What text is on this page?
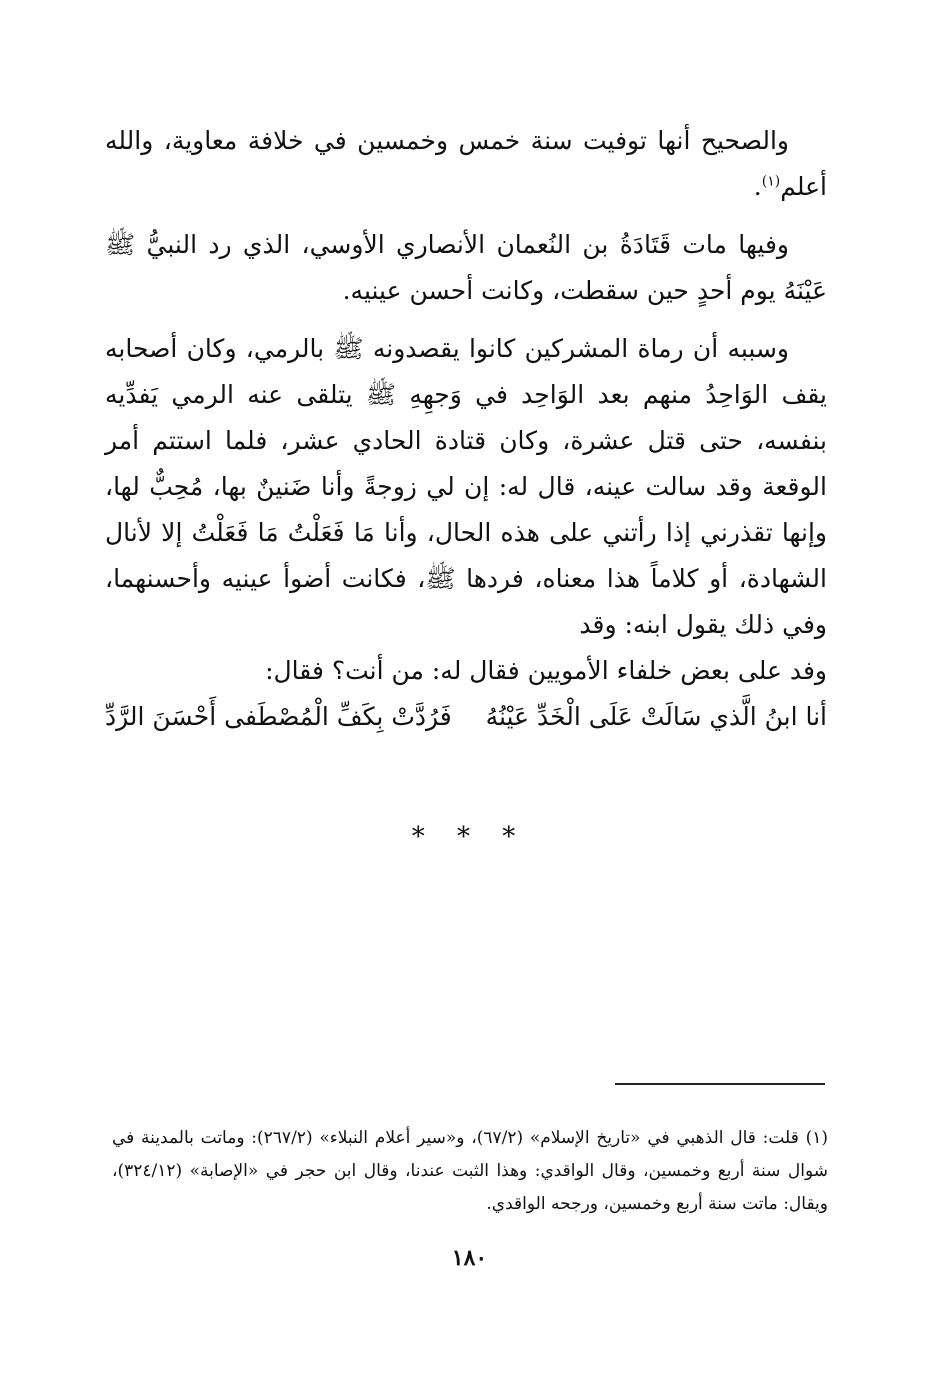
والصحيح أنها توفيت سنة خمس وخمسين في خلافة معاوية، والله أعلم$^{(١)}$.

وفيها مات قَتَادَةُ بن النُعمان الأنصاري الأوسي، الذي رد النبيُّ ﷺ عَيْنَهُ يوم أحدٍ حين سقطت، وكانت أحسن عينيه.

وسببه أن رماة المشركين كانوا يقصدونه ﷺ بالرمي، وكان أصحابه يقف الوَاحِدُ منهم بعد الوَاحِد في وَجهِهِ ﷺ يتلقى عنه الرمي يَفدِّيه بنفسه، حتى قتل عشرة، وكان قتادة الحادي عشر، فلما استتم أمر الوقعة وقد سالت عينه، قال له: إن لي زوجةً وأنا ضَنينٌ بها، مُحِبٌّ لها، وإنها تقذرني إذا رأتني على هذه الحال، وأنا مَا فَعَلْتُ مَا فَعَلْتُ إلا لأنال الشهادة، أو كلاماً هذا معناه، فردها ﷺ، فكانت أضوأ عينيه وأحسنهما، وفي ذلك يقول ابنه: وقد

وفد على بعض خلفاء الأمويين فقال له: من أنت؟ فقال:

أنا ابنُ الَّذي سَالَتْ عَلَى الْخَدِّ عَيْنُهُ
فَرُدَّتْ بِكَفِّ الْمُصْطَفى أَحْسَنَ الرَّدِّ
* * *

(١) قلت: قال الذهبي في «تاريخ الإسلام» (٦٧/٢)، و«سير أعلام النبلاء» (٢٦٧/٢): وماتت بالمدينة في شوال سنة أربع وخمسين، وقال الواقدي: وهذا الثبت عندنا، وقال ابن حجر في «الإصابة» (٣٢٤/١٢)، ويقال: ماتت سنة أربع وخمسين، ورجحه الواقدي.

١٨٠
